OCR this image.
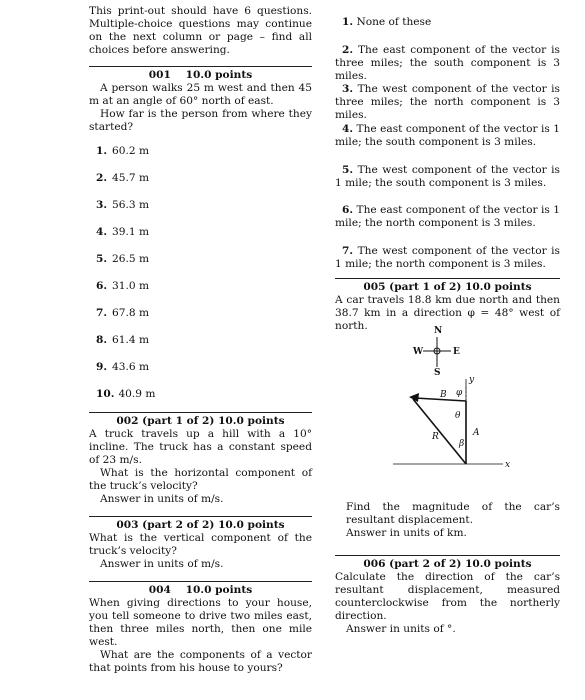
This print-out should have 6 questions. Multiple-choice questions may continue on the next column or page – find all choices before answering.

001    10.0 points

A person walks 25 m west and then 45 m at an angle of 60° north of east.

How far is the person from where they started?

1. 60.2 m
2. 45.7 m
3. 56.3 m
4. 39.1 m
5. 26.5 m
6. 31.0 m
7. 67.8 m
8. 61.4 m
9. 43.6 m
10. 40.9 m

002 (part 1 of 2) 10.0 points

A truck travels up a hill with a 10° incline. The truck has a constant speed of 23 m/s.

What is the horizontal component of the truck’s velocity?

Answer in units of m/s.

003 (part 2 of 2) 10.0 points

What is the vertical component of the truck’s velocity?

Answer in units of m/s.

004    10.0 points

When giving directions to your house, you tell someone to drive two miles east, then three miles north, then one mile west.

What are the components of a vector that points from his house to yours?

1. None of these

2. The east component of the vector is three miles; the south component is 3 miles.

3. The west component of the vector is three miles; the north component is 3 miles.

4. The east component of the vector is 1 mile; the south component is 3 miles.

5. The west component of the vector is 1 mile; the south component is 3 miles.

6. The east component of the vector is 1 mile; the north component is 3 miles.

7. The west component of the vector is 1 mile; the north component is 3 miles.

005 (part 1 of 2) 10.0 points

A car travels 18.8 km due north and then 38.7 km in a direction φ = 48° west of north.

Find the magnitude of the car’s resultant displacement.

Answer in units of km.

006 (part 2 of 2) 10.0 points

Calculate the direction of the car’s resultant displacement, measured counterclockwise from the northerly direction.

Answer in units of °.

N
S
W	E
y
x
B φ
θ
R	A
β
